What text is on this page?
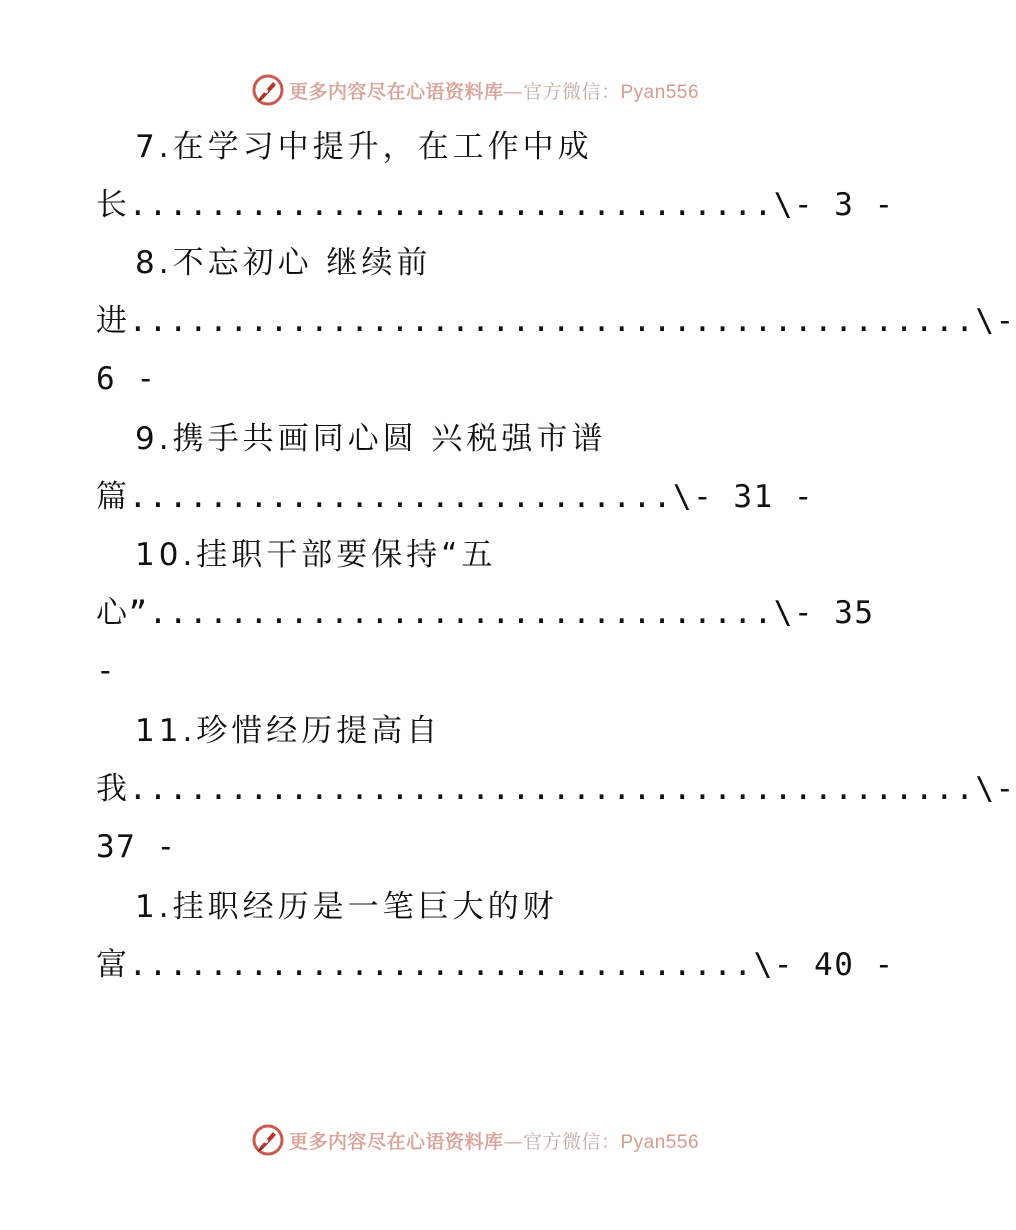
更多内容尽在心语资料库—官方微信：Pyan556
7.在学习中提升，在工作中成
长................................\- 3 -
8.不忘初心 继续前
进..........................................\-
6 -
9.携手共画同心圆 兴税强市谱
篇...........................\- 31 -
10.挂职干部要保持“五
心”...............................\- 35
-
11.珍惜经历提高自
我..........................................\-
37 -
1.挂职经历是一笔巨大的财
富...............................\- 40 -
更多内容尽在心语资料库—官方微信：Pyan556
